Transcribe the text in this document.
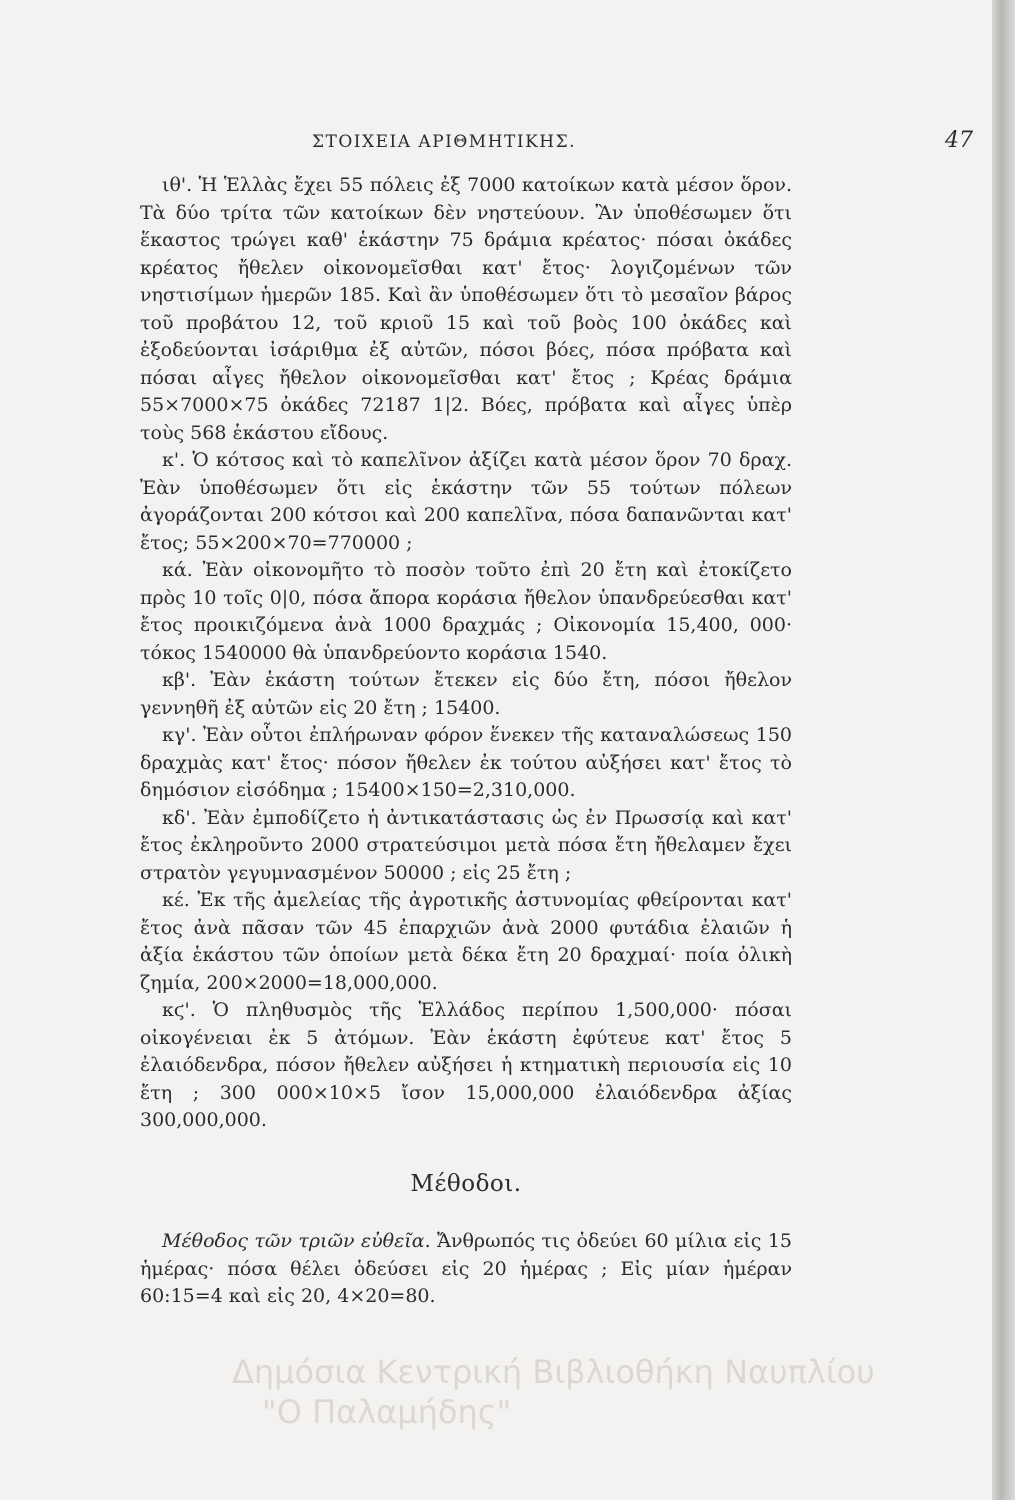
ΣΤΟΙΧΕΙΑ ΑΡΙΘΜΗΤΙΚΗΣ.	47

ιθ'. Ἡ Ἑλλὰς ἔχει 55 πόλεις ἐξ 7000 κατοίκων κατὰ μέσον ὅρον. Τὰ δύο τρίτα τῶν κατοίκων δὲν νηστεύουν. Ἂν ὑποθέσωμεν ὅτι ἕκαστος τρώγει καθ' ἑκάστην 75 δράμια κρέατος· πόσαι ὀκάδες κρέατος ἤθελεν οἰκονομεῖσθαι κατ' ἔτος· λογιζομένων τῶν νηστισίμων ἡμερῶν 185. Καὶ ἂν ὑποθέσωμεν ὅτι τὸ μεσαῖον βάρος τοῦ προβάτου 12, τοῦ κριοῦ 15 καὶ τοῦ βοὸς 100 ὀκάδες καὶ ἐξοδεύονται ἰσάριθμα ἐξ αὐτῶν, πόσοι βόες, πόσα πρόβατα καὶ πόσαι αἶγες ἤθελον οἰκονομεῖσθαι κατ' ἔτος ; Κρέας δράμια 55×7000×75 ὀκάδες 72187 1|2. Βόες, πρόβατα καὶ αἶγες ὑπὲρ τοὺς 568 ἑκάστου εἴδους.

κ'. Ὁ κότσος καὶ τὸ καπελῖνον ἀξίζει κατὰ μέσον ὅρον 70 δραχ. Ἐὰν ὑποθέσωμεν ὅτι εἰς ἑκάστην τῶν 55 τούτων πόλεων ἀγοράζονται 200 κότσοι καὶ 200 καπελῖνα, πόσα δαπανῶνται κατ' ἔτος; 55×200×70=770000 ;

κά. Ἐὰν οἰκονομῆτο τὸ ποσὸν τοῦτο ἐπὶ 20 ἔτη καὶ ἐτοκίζετο πρὸς 10 τοῖς 0|0, πόσα ἄπορα κοράσια ἤθελον ὑπανδρεύεσθαι κατ' ἔτος προικιζόμενα ἀνὰ 1000 δραχμάς ; Οἰκονομία 15,400, 000· τόκος 1540000 θὰ ὑπανδρεύοντο κοράσια 1540.

κβ'. Ἐὰν ἑκάστη τούτων ἔτεκεν εἰς δύο ἔτη, πόσοι ἤθελον γεννηθῆ ἐξ αὐτῶν εἰς 20 ἔτη ; 15400.

κγ'. Ἐὰν οὗτοι ἐπλήρωναν φόρον ἕνεκεν τῆς καταναλώσεως 150 δραχμὰς κατ' ἔτος· πόσον ἤθελεν ἐκ τούτου αὐξήσει κατ' ἔτος τὸ δημόσιον εἰσόδημα ; 15400×150=2,310,000.

κδ'. Ἐὰν ἐμποδίζετο ἡ ἀντικατάστασις ὡς ἐν Πρωσσίᾳ καὶ κατ' ἔτος ἐκληροῦντο 2000 στρατεύσιμοι μετὰ πόσα ἔτη ἤθελαμεν ἔχει στρατὸν γεγυμνασμένον 50000 ; εἰς 25 ἔτη ;

κέ. Ἐκ τῆς ἀμελείας τῆς ἀγροτικῆς ἀστυνομίας φθείρονται κατ' ἔτος ἀνὰ πᾶσαν τῶν 45 ἐπαρχιῶν ἀνὰ 2000 φυτάδια ἐλαιῶν ἡ ἀξία ἑκάστου τῶν ὁποίων μετὰ δέκα ἔτη 20 δραχμαί· ποία ὁλικὴ ζημία, 200×2000=18,000,000.

κϛ'. Ὁ πληθυσμὸς τῆς Ἑλλάδος περίπου 1,500,000· πόσαι οἰκογένειαι ἐκ 5 ἀτόμων. Ἐὰν ἑκάστη ἐφύτευε κατ' ἔτος 5 ἐλαιόδενδρα, πόσον ἤθελεν αὐξήσει ἡ κτηματικὴ περιουσία εἰς 10 ἔτη ; 300 000×10×5 ἴσον 15,000,000 ἐλαιόδενδρα ἀξίας 300,000,000.

Μέθοδοι.

Μέθοδος τῶν τριῶν εὐθεῖα. Ἄνθρωπός τις ὁδεύει 60 μίλια εἰς 15 ἡμέρας· πόσα θέλει ὁδεύσει εἰς 20 ἡμέρας ; Εἰς μίαν ἡμέραν 60:15=4 καὶ εἰς 20, 4×20=80.

Δημόσια Κεντρική Βιβλιοθήκη Ναυπλίου
"Ο Παλαμήδης"
